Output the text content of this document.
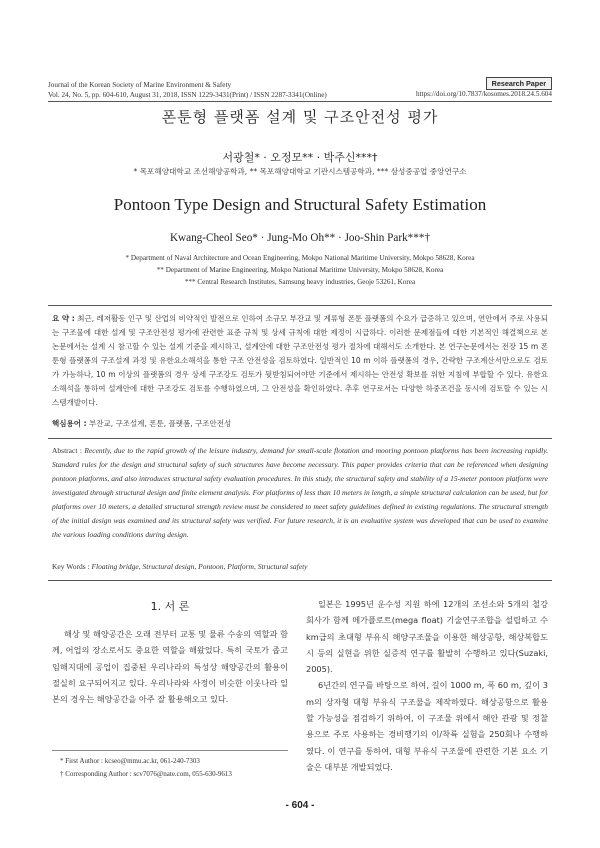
Journal of the Korean Society of Marine Environment & Safety
Vol. 24, No. 5, pp. 604-610, August 31, 2018, ISSN 1229-3431(Print) / ISSN 2287-3341(Online)
Research Paper
https://doi.org/10.7837/kosomes.2018.24.5.604
폰툰형 플랫폼 설계 및 구조안전성 평가
서광철* · 오정모** · 박주신***†
* 목포해양대학교 조선해양공학과, ** 목포해양대학교 기관시스템공학과, *** 삼성중공업 중앙연구소
Pontoon Type Design and Structural Safety Estimation
Kwang-Cheol Seo* · Jung-Mo Oh** · Joo-Shin Park***†
* Department of Naval Architecture and Ocean Engineering, Mokpo National Maritime University, Mokpo 58628, Korea
** Department of Marine Engineering, Mokpo National Maritime University, Mokpo 58628, Korea
*** Central Research Institutes, Samsung heavy industries, Geoje 53261, Korea
요 약 : 최근, 레저활동 인구 및 산업의 비약적인 발전으로 인하여 소규모 부잔교 및 계류형 폰툰 플랫폼의 수요가 급증하고 있으며, 연안에서 주로 사용되는 구조물에 대한 설계 및 구조안전성 평가에 관련한 표준 규칙 및 상세 규칙에 대한 제정이 시급하다. 이러한 문제점들에 대한 기본적인 해결책으로 본 논문에서는 설계 시 참고할 수 있는 설계 기준을 제시하고, 설계안에 대한 구조안전성 평가 절차에 대해서도 소개한다. 본 연구논문에서는 전장 15 m 폰툰형 플랫폼의 구조설계 과정 및 유한요소해석을 통한 구조 안전성을 검토하였다. 일반적인 10 m 이하 플랫폼의 경우, 간략한 구조계산서만으로도 검토가 가능하나, 10 m 이상의 플랫폼의 경우 상세 구조강도 검토가 뒷받침되어야만 기준에서 제시하는 안전성 확보를 위한 지침에 부합할 수 있다. 유한요소해석을 통하여 설계안에 대한 구조강도 검토를 수행하였으며, 그 안전성을 확인하였다. 추후 연구로서는 다양한 하중조건을 동시에 검토할 수 있는 시스템개발이다.
핵심용어 : 부잔교, 구조설계, 폰툰, 플랫폼, 구조안전성
Abstract : Recently, due to the rapid growth of the leisure industry, demand for small-scale flotation and mooring pontoon platforms has been increasing rapidly. Standard rules for the design and structural safety of such structures have become necessary. This paper provides criteria that can be referenced when designing pontoon platforms, and also introduces structural safety evaluation procedures. In this study, the structural safety and stability of a 15-meter pontoon platform were investigated through structural design and finite element analysis. For platforms of less than 10 meters in length, a simple structural calculation can be used, but for platforms over 10 meters, a detailed structural strength review must be considered to meet safety guidelines defined in existing regulations. The structural strength of the initial design was examined and its structural safety was verified. For future research, it is an evaluative system was developed that can be used to examine the various loading conditions during design.
Key Words : Floating bridge, Structural design, Pontoon, Platform, Structural safety
1. 서 론

해상 및 해양공간은 오래 전부터 교통 및 물류 수송의 역할과 함께, 어업의 장소로서도 중요한 역할을 해왔었다. 특히 국토가 좁고 임해지대에 공업이 집중된 우리나라의 특성상 해양공간의 활용이 절실히 요구되어지고 있다. 우리나라와 사정이 비슷한 이웃나라 일본의 경우는 해양공간을 아주 잘 활용해오고 있다.

일본은 1995년 운수성 지원 하에 12개의 조선소와 5개의 철강회사가 함께 메가플로트(mega float) 기술연구조합을 설립하고 수 km급의 초대형 부유식 해양구조물을 이용한 해상공항, 해상복합도시 등의 실현을 위한 실증적 연구를 활발히 수행하고 있다(Suzaki, 2005).

6년간의 연구를 바탕으로 하여, 길이 1000 m, 폭 60 m, 깊이 3 m의 상자형 대형 부유식 구조물을 제작하였다. 해상공항으로 활용할 가능성을 점검하기 위하여, 이 구조물 위에서 해안 관광 및 정찰용으로 주로 사용하는 경비행기의 이/착륙 실험을 250회나 수행하였다. 이 연구를 통하여, 대형 부유식 구조물에 관련한 기본 요소 기술은 대부분 개발되었다.

* First Author : kcseo@mmu.ac.kr, 061-240-7303
† Corresponding Author : scv7076@nate.com, 055-630-9613
- 604 -
